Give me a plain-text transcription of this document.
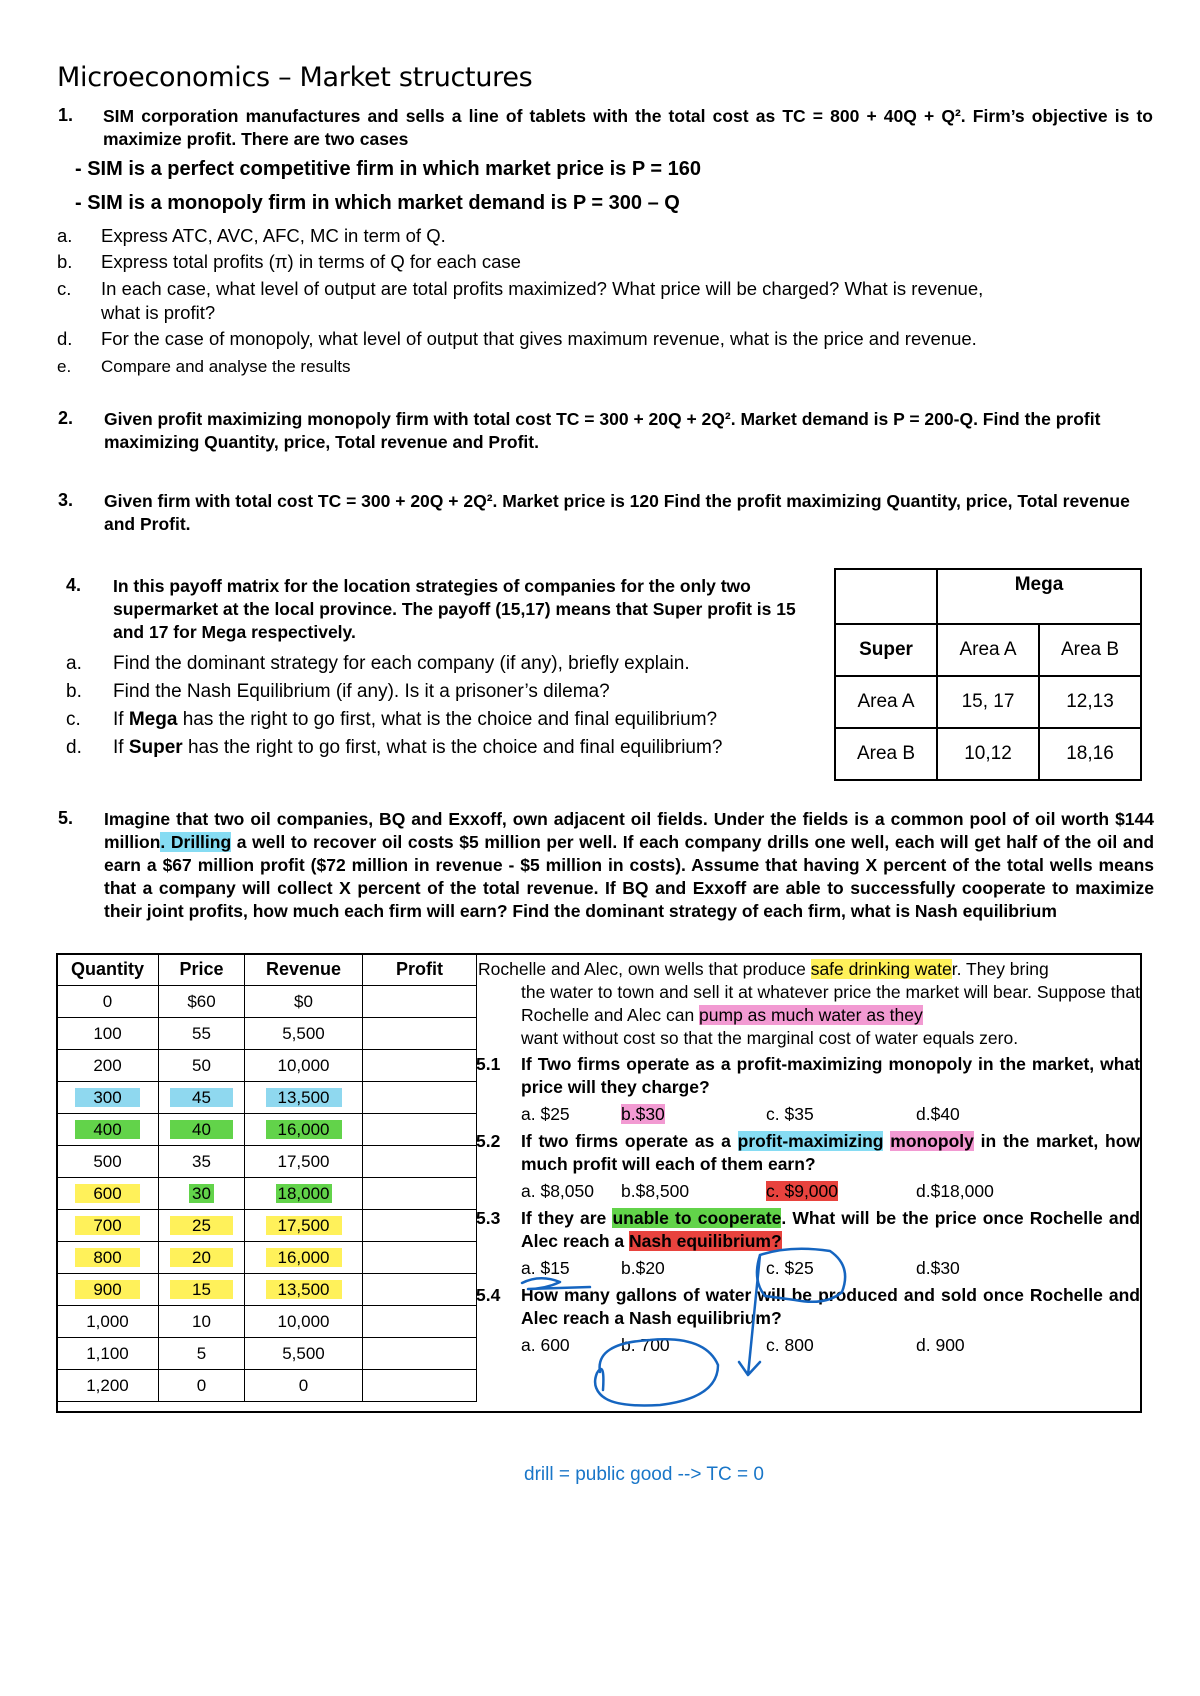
Microeconomics – Market structures
1. SIM corporation manufactures and sells a line of tablets with the total cost as TC = 800 + 40Q + Q². Firm’s objective is to maximize profit. There are two cases
- SIM is a perfect competitive firm in which market price is P = 160
- SIM is a monopoly firm in which market demand is P = 300 – Q
a. Express ATC, AVC, AFC, MC in term of Q.
b. Express total profits (π) in terms of Q for each case
c. In each case, what level of output are total profits maximized? What price will be charged? What is revenue,
what is profit?
d. For the case of monopoly, what level of output that gives maximum revenue, what is the price and revenue.
e. Compare and analyse the results
2. Given profit maximizing monopoly firm with total cost TC = 300 + 20Q + 2Q². Market demand is P = 200-Q. Find the profit maximizing Quantity, price, Total revenue and Profit.
3. Given firm with total cost TC = 300 + 20Q + 2Q². Market price is 120 Find the profit maximizing Quantity, price, Total revenue and Profit.
4. In this payoff matrix for the location strategies of companies for the only two supermarket at the local province. The payoff (15,17) means that Super profit is 15 and 17 for Mega respectively.
a. Find the dominant strategy for each company (if any), briefly explain.
b. Find the Nash Equilibrium (if any). Is it a prisoner’s dilema?
c. If Mega has the right to go first, what is the choice and final equilibrium?
d. If Super has the right to go first, what is the choice and final equilibrium?
	Mega	
Super	Area A	Area B
Area A	15, 17	12,13
Area B	10,12	18,16
5. Imagine that two oil companies, BQ and Exxoff, own adjacent oil fields. Under the fields is a common pool of oil worth $144 million. Drilling a well to recover oil costs $5 million per well. If each company drills one well, each will get half of the oil and earn a $67 million profit ($72 million in revenue - $5 million in costs). Assume that having X percent of the total wells means that a company will collect X percent of the total revenue. If BQ and Exxoff are able to successfully cooperate to maximize their joint profits, how much each firm will earn? Find the dominant strategy of each firm, what is Nash equilibrium
Quantity	Price	Revenue	Profit
0	$60	$0	
100	55	5,500	
200	50	10,000	
300	45	13,500	
400	40	16,000	
500	35	17,500	
600	30	18,000	
700	25	17,500	
800	20	16,000	
900	15	13,500	
1,000	10	10,000	
1,100	5	5,500	
1,200	0	0	
Rochelle and Alec, own wells that produce safe drinking water. They bring
the water to town and sell it at whatever price the market will bear. Suppose that Rochelle and Alec can pump as much water as they
want without cost so that the marginal cost of water equals zero.
5.1	If Two firms operate as a profit-maximizing monopoly in the market, what price will they charge?
a. $25	b.$30	c. $35	d.$40
5.2	If two firms operate as a profit-maximizing monopoly in the market, how much profit will each of them earn?
a. $8,050	b.$8,500	c. $9,000	d.$18,000
5.3	If they are unable to cooperate. What will be the price once Rochelle and Alec reach a Nash equilibrium?
a. $15	b.$20	c. $25	d.$30
5.4	How many gallons of water will be produced and sold once Rochelle and Alec reach a Nash equilibrium?
a. 600	b. 700	c. 800	d. 900
drill = public good --> TC = 0
